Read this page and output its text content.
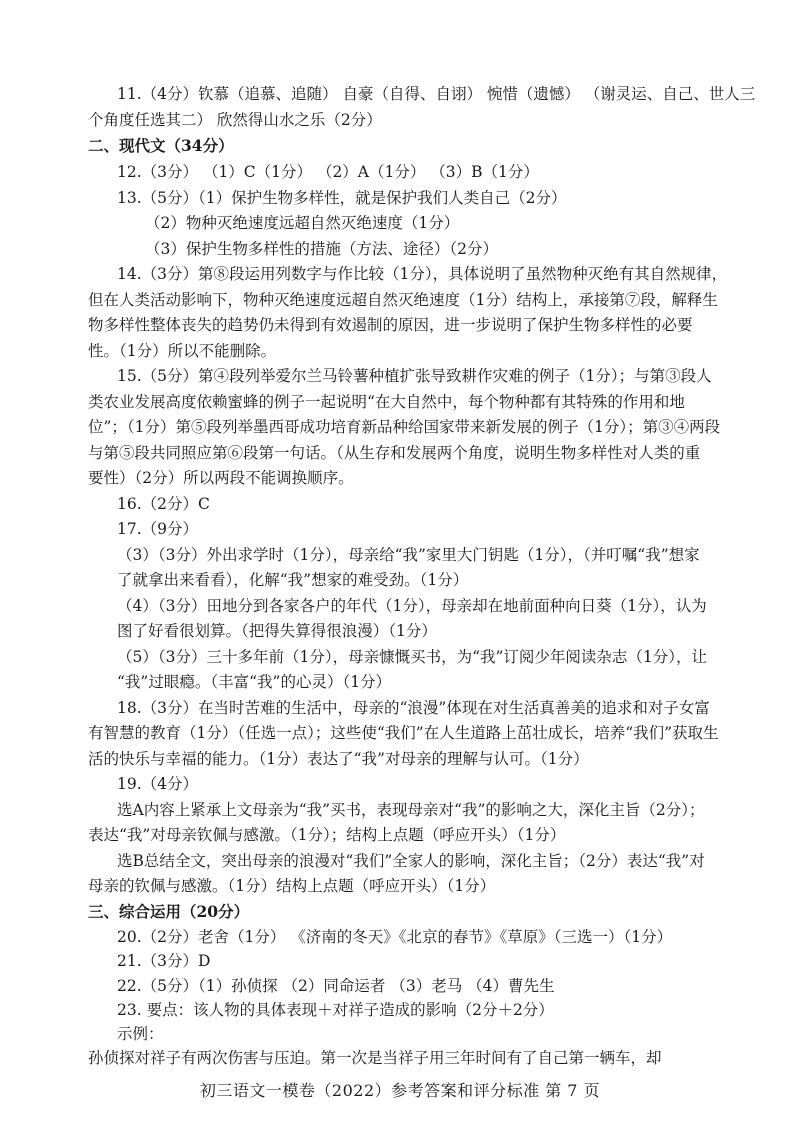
11.（4分）钦慕（追慕、追随） 自豪（自得、自诩） 惋惜（遗憾） （谢灵运、自己、世人三
个角度任选其二） 欣然得山水之乐（2分）
二、现代文（34分）
12.（3分） （1）C（1分） （2）A（1分） （3）B（1分）
13.（5分）（1）保护生物多样性，就是保护我们人类自己（2分）
（2）物种灭绝速度远超自然灭绝速度（1分）
（3）保护生物多样性的措施（方法、途径）（2分）
14.（3分）第⑧段运用列数字与作比较（1分），具体说明了虽然物种灭绝有其自然规律，
但在人类活动影响下，物种灭绝速度远超自然灭绝速度（1分）结构上，承接第⑦段，解释生
物多样性整体丧失的趋势仍未得到有效遏制的原因，进一步说明了保护生物多样性的必要
性。（1分）所以不能删除。
15.（5分）第④段列举爱尔兰马铃薯种植扩张导致耕作灾难的例子（1分）；与第③段人
类农业发展高度依赖蜜蜂的例子一起说明“在大自然中，每个物种都有其特殊的作用和地
位”；（1分）第⑤段列举墨西哥成功培育新品种给国家带来新发展的例子（1分）；第③④两段
与第⑤段共同照应第⑥段第一句话。（从生存和发展两个角度，说明生物多样性对人类的重
要性）（2分）所以两段不能调换顺序。
16.（2分）C
17.（9分）
（3）（3分）外出求学时（1分），母亲给“我”家里大门钥匙（1分），（并叮嘱“我”想家
了就拿出来看看），化解“我”想家的难受劲。（1分）
（4）（3分）田地分到各家各户的年代（1分），母亲却在地前面种向日葵（1分），认为
图了好看很划算。（把得失算得很浪漫）（1分）
（5）（3分）三十多年前（1分），母亲慷慨买书，为“我”订阅少年阅读杂志（1分），让
“我”过眼瘾。（丰富“我”的心灵）（1分）
18.（3分）在当时苦难的生活中，母亲的“浪漫”体现在对生活真善美的追求和对子女富
有智慧的教育（1分）（任选一点）；这些使“我们”在人生道路上茁壮成长，培养“我们”获取生
活的快乐与幸福的能力。（1分）表达了“我”对母亲的理解与认可。（1分）
19.（4分）
选A内容上紧承上文母亲为“我”买书，表现母亲对“我”的影响之大，深化主旨（2分）；
表达“我”对母亲钦佩与感激。（1分）；结构上点题（呼应开头）（1分）
选B总结全文，突出母亲的浪漫对“我们”全家人的影响，深化主旨；（2分）表达“我”对
母亲的钦佩与感激。（1分）结构上点题（呼应开头）（1分）
三、综合运用（20分）
20.（2分）老舍（1分） 《济南的冬天》《北京的春节》《草原》（三选一）（1分）
21.（3分）D
22.（5分）（1）孙侦探 （2）同命运者 （3）老马 （4）曹先生
23. 要点：该人物的具体表现＋对祥子造成的影响（2分＋2分）
初三语文一模卷（2022）参考答案和评分标准 第 7 页
示例：
孙侦探对祥子有两次伤害与压迫。第一次是当祥子用三年时间有了自己第一辆车，却
